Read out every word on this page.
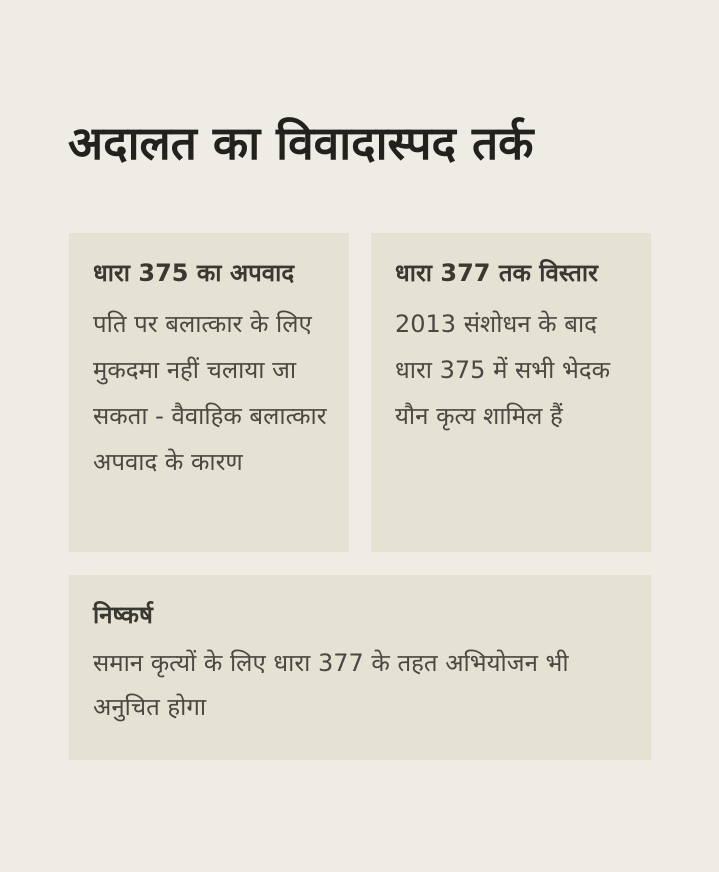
अदालत का विवादास्पद तर्क
धारा 375 का अपवाद

पति पर बलात्कार के लिए मुकदमा नहीं चलाया जा सकता - वैवाहिक बलात्कार अपवाद के कारण

धारा 377 तक विस्तार

2013 संशोधन के बाद धारा 375 में सभी भेदक यौन कृत्य शामिल हैं

निष्कर्ष

समान कृत्यों के लिए धारा 377 के तहत अभियोजन भी अनुचित होगा
